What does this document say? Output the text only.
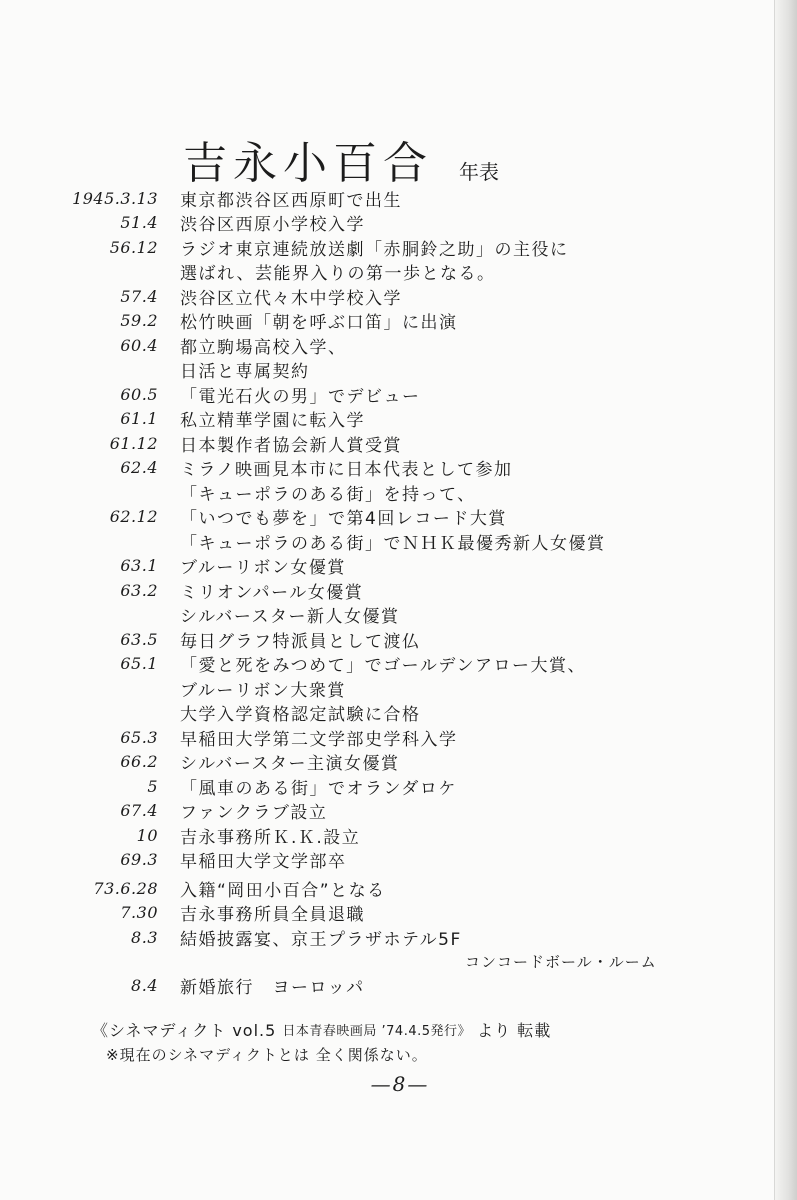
吉永小百合 年表
1945.3.13	東京都渋谷区西原町で出生
51.4	渋谷区西原小学校入学
56.12	ラジオ東京連続放送劇「赤胴鈴之助」の主役に
選ばれ、芸能界入りの第一歩となる。
57.4	渋谷区立代々木中学校入学
59.2	松竹映画「朝を呼ぶ口笛」に出演
60.4	都立駒場高校入学、
日活と専属契約
60.5	「電光石火の男」でデビュー
61.1	私立精華学園に転入学
61.12	日本製作者協会新人賞受賞
62.4	ミラノ映画見本市に日本代表として参加
「キューポラのある街」を持って、
62.12	「いつでも夢を」で第4回レコード大賞
「キューポラのある街」でＮＨＫ最優秀新人女優賞
63.1	ブルーリボン女優賞
63.2	ミリオンパール女優賞
シルバースター新人女優賞
63.5	毎日グラフ特派員として渡仏
65.1	「愛と死をみつめて」でゴールデンアロー大賞、
ブルーリボン大衆賞
大学入学資格認定試験に合格
65.3	早稲田大学第二文学部史学科入学
66.2	シルバースター主演女優賞
5	「風車のある街」でオランダロケ
67.4	ファンクラブ設立
10	吉永事務所Ｋ.Ｋ.設立
69.3	早稲田大学文学部卒
73.6.28	入籍“岡田小百合”となる
7.30	吉永事務所員全員退職
8.3	結婚披露宴、京王プラザホテル5F
コンコードボール・ルーム
8.4	新婚旅行　ヨーロッパ
《シネマディクト vol.5
日本青春映画局 ’74.4.5発行》
より 転載
※現在のシネマディクトとは 全く関係ない。
—8—
